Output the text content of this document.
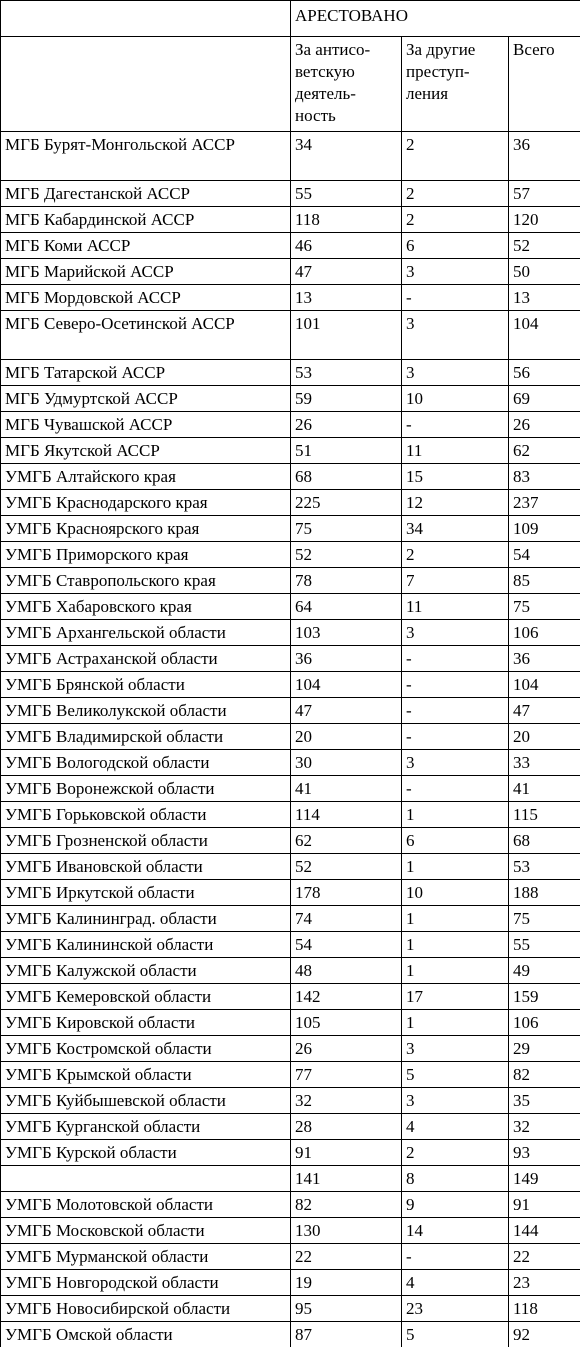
	АРЕСТОВАНО		
	За антисо-
ветскую
деятель-
ность	За другие
преступ-
ления	Всего
МГБ Бурят-Монгольской АССР	34	2	36
МГБ Дагестанской АССР	55	2	57
МГБ Кабардинской АССР	118	2	120
МГБ Коми АССР	46	6	52
МГБ Марийской АССР	47	3	50
МГБ Мордовской АССР	13	-	13
МГБ Северо-Осетинской АССР	101	3	104
МГБ Татарской АССР	53	3	56
МГБ Удмуртской АССР	59	10	69
МГБ Чувашской АССР	26	-	26
МГБ Якутской АССР	51	11	62
УМГБ Алтайского края	68	15	83
УМГБ Краснодарского края	225	12	237
УМГБ Красноярского края	75	34	109
УМГБ Приморского края	52	2	54
УМГБ Ставропольского края	78	7	85
УМГБ Хабаровского края	64	11	75
УМГБ Архангельской области	103	3	106
УМГБ Астраханской области	36	-	36
УМГБ Брянской области	104	-	104
УМГБ Великолукской области	47	-	47
УМГБ Владимирской области	20	-	20
УМГБ Вологодской области	30	3	33
УМГБ Воронежской области	41	-	41
УМГБ Горьковской области	114	1	115
УМГБ Грозненской области	62	6	68
УМГБ Ивановской области	52	1	53
УМГБ Иркутской области	178	10	188
УМГБ Калининград. области	74	1	75
УМГБ Калининской области	54	1	55
УМГБ Калужской области	48	1	49
УМГБ Кемеровской области	142	17	159
УМГБ Кировской области	105	1	106
УМГБ Костромской области	26	3	29
УМГБ Крымской области	77	5	82
УМГБ Куйбышевской области	32	3	35
УМГБ Курганской области	28	4	32
УМГБ Курской области	91	2	93
	141	8	149
УМГБ Молотовской области	82	9	91
УМГБ Московской области	130	14	144
УМГБ Мурманской области	22	-	22
УМГБ Новгородской области	19	4	23
УМГБ Новосибирской области	95	23	118
УМГБ Омской области	87	5	92
